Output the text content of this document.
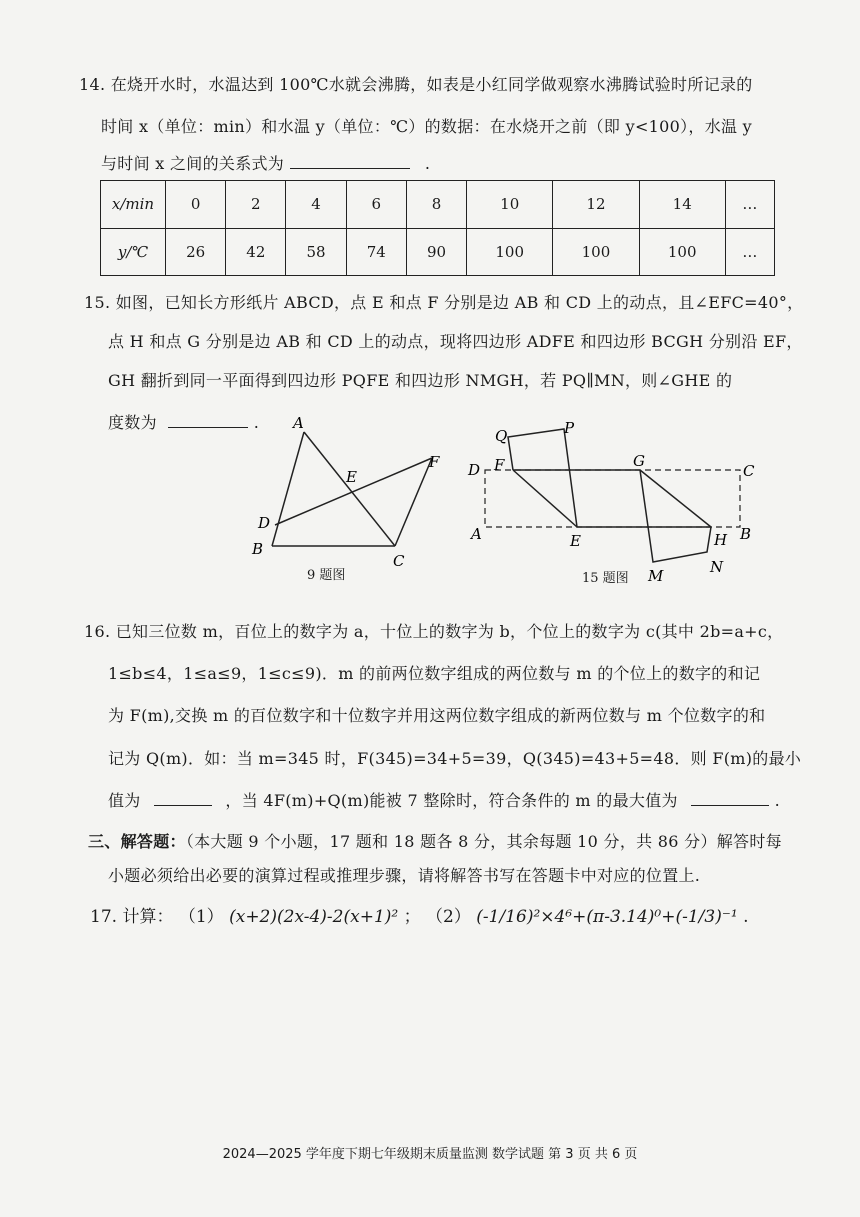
14. 在烧开水时，水温达到 100℃水就会沸腾，如表是小红同学做观察水沸腾试验时所记录的
时间 x（单位：min）和水温 y（单位：℃）的数据：在水烧开之前（即 y<100），水温 y
与时间 x 之间的关系式为	.
x/min	0	2	4	6	8	10	12	14	…
y/℃	26	42	58	74	90	100	100	100	…
15. 如图，已知长方形纸片 ABCD，点 E 和点 F 分别是边 AB 和 CD 上的动点，且∠EFC=40°，
点 H 和点 G 分别是边 AB 和 CD 上的动点，现将四边形 ADFE 和四边形 BCGH 分别沿 EF，
GH 翻折到同一平面得到四边形 PQFE 和四边形 NMGH，若 PQ∥MN，则∠GHE 的
度数为	. A
B
C
D
E
F
9 题图
Q	P
D F	G
C
A	E	H B
M	N
15 题图
16. 已知三位数 m，百位上的数字为 a，十位上的数字为 b，个位上的数字为 c(其中 2b=a+c，
1≤b≤4，1≤a≤9，1≤c≤9)．m 的前两位数字组成的两位数与 m 的个位上的数字的和记
为 F(m),交换 m 的百位数字和十位数字并用这两位数字组成的新两位数与 m 个位数字的和
记为 Q(m)．如：当 m=345 时，F(345)=34+5=39，Q(345)=43+5=48．则 F(m)的最小
值为	，当 4F(m)+Q(m)能被 7 整除时，符合条件的 m 的最大值为	.
三、解答题：（本大题 9 个小题，17 题和 18 题各 8 分，其余每题 10 分，共 86 分）解答时每
小题必须给出必要的演算过程或推理步骤，请将解答书写在答题卡中对应的位置上.
17. 计算： （1） (x+2)(2x-4)-2(x+1)² ； （2） (-1/16)²×4⁶+(π-3.14)⁰+(-1/3)⁻¹ .
2024—2025 学年度下期七年级期末质量监测 数学试题 第 3 页 共 6 页
